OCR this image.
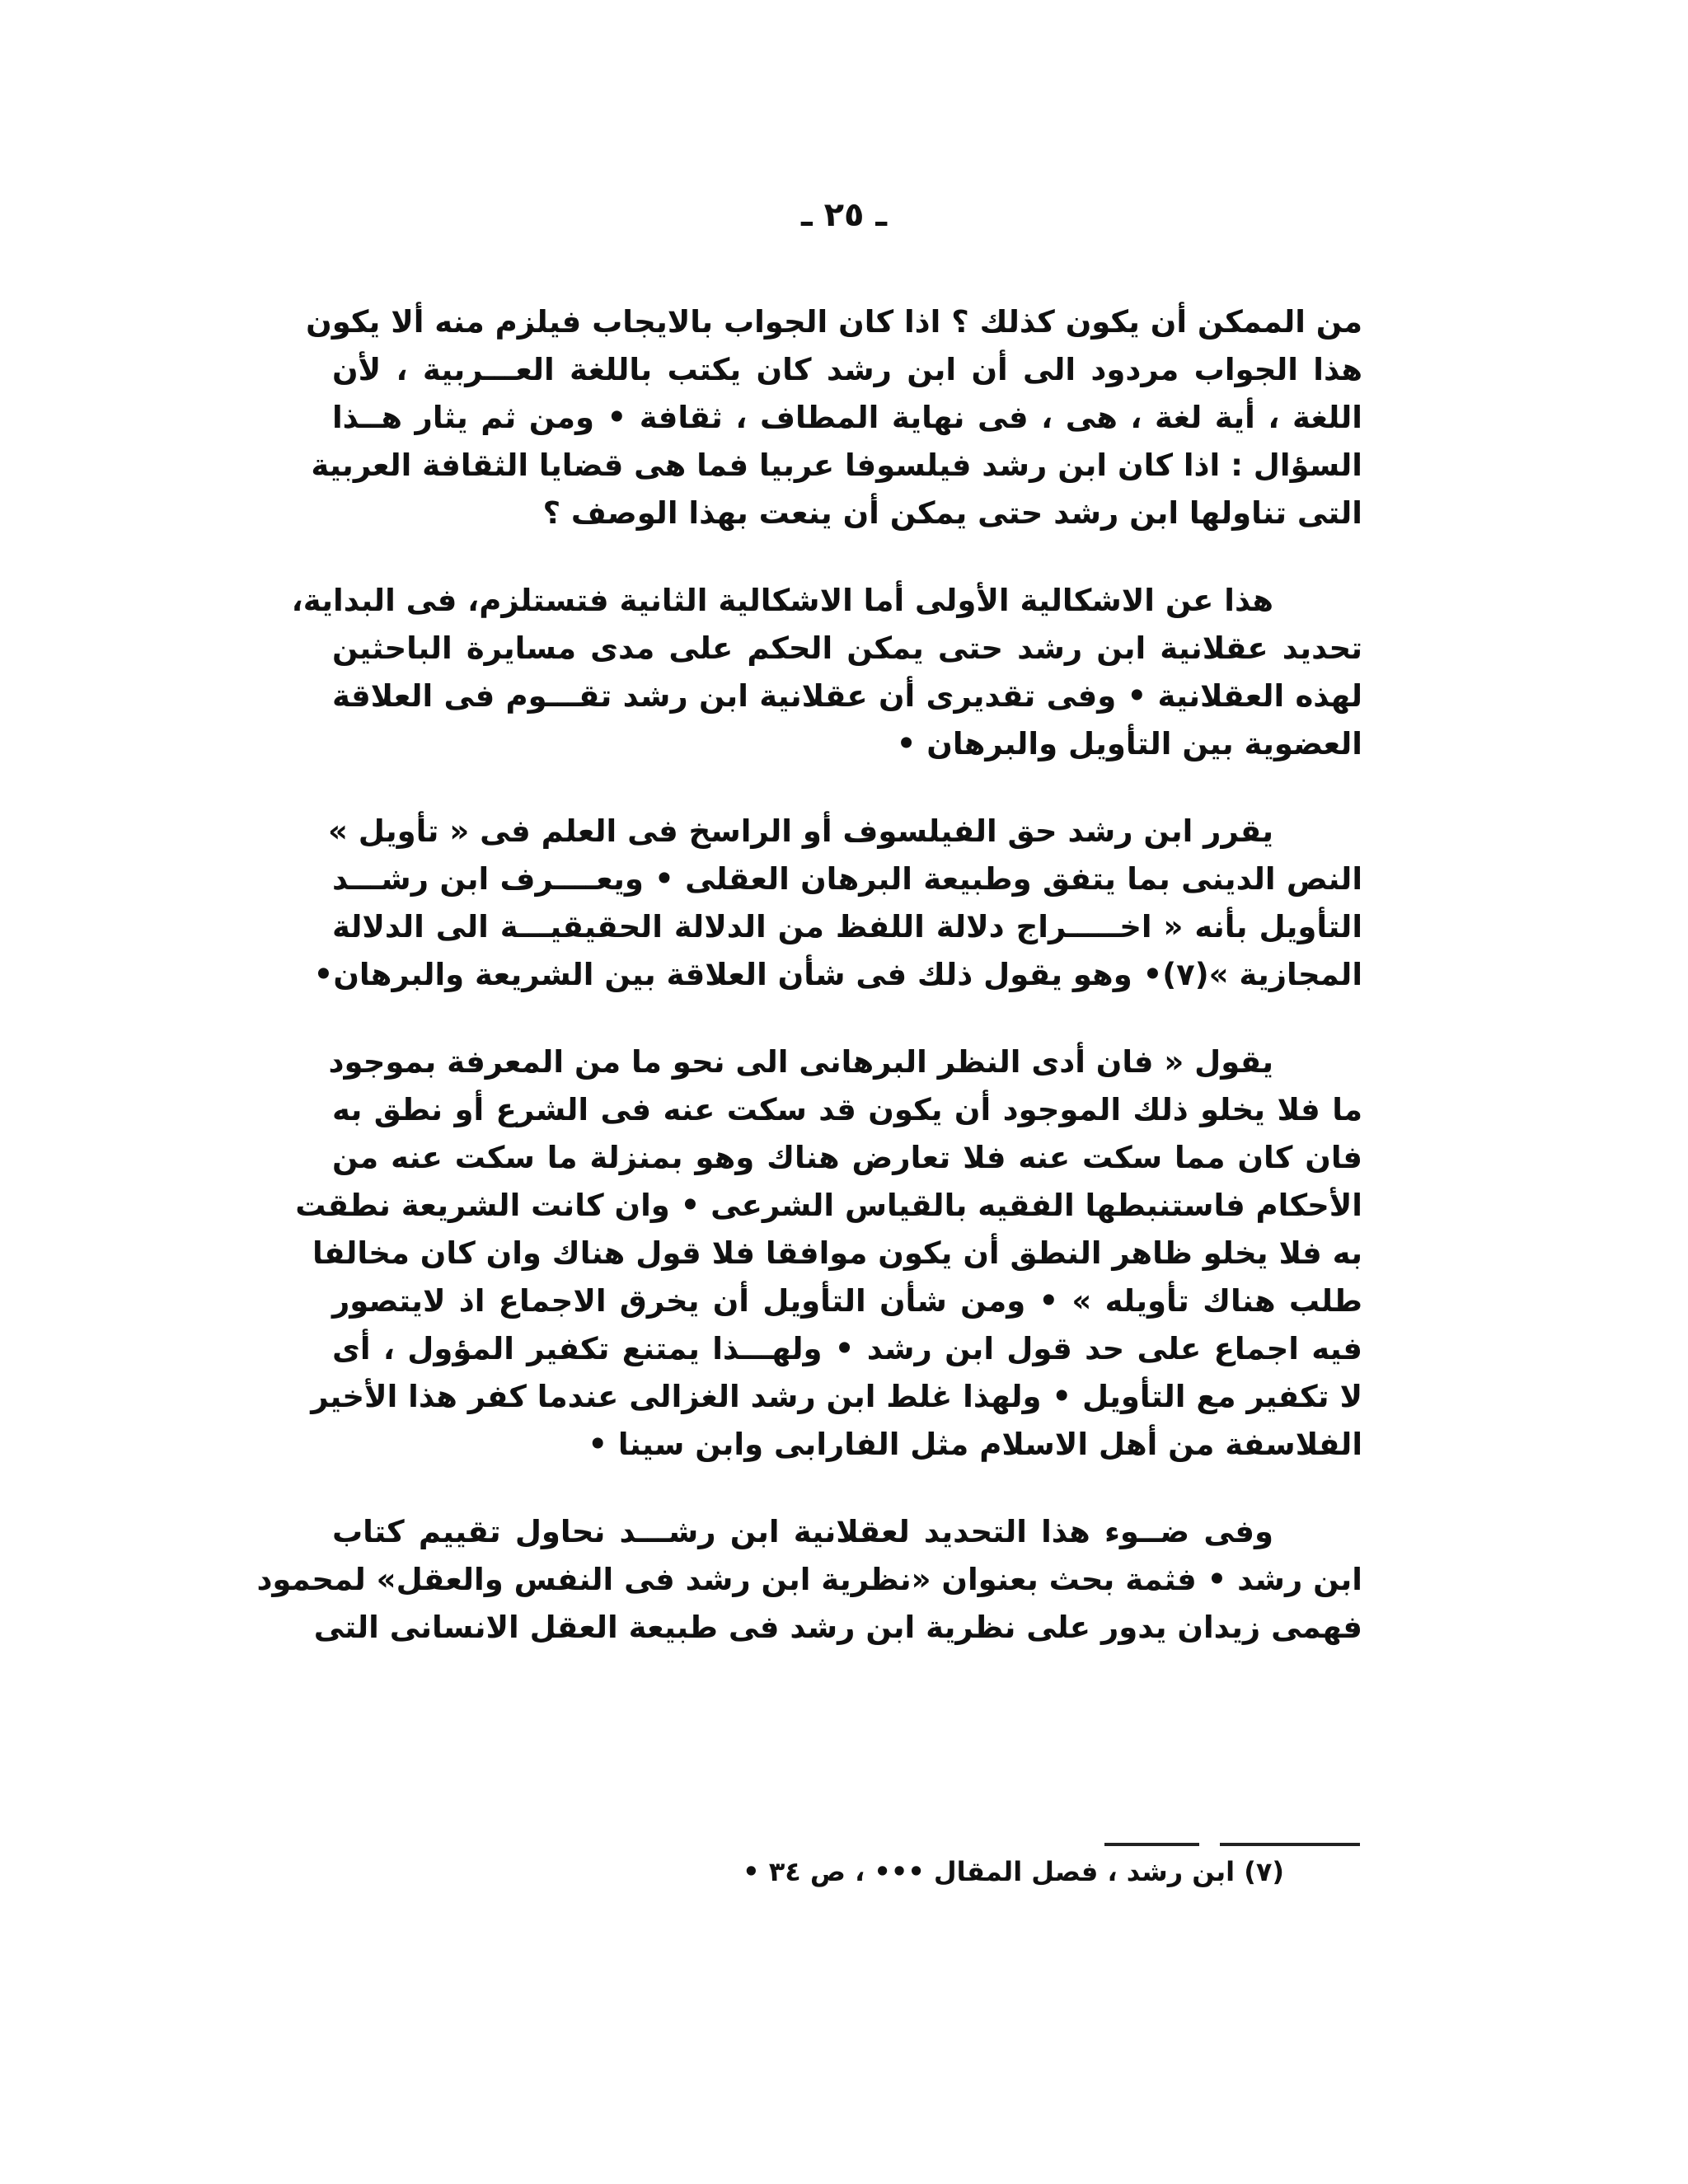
ـ ٢٥ ـ

من الممكن أن يكون كذلك ؟ اذا كان الجواب بالايجاب فيلزم منه ألا يكون
هذا الجواب مردود الى أن ابن رشد كان يكتب باللغة العـــربية ، لأن
اللغة ، أية لغة ، هى ، فى نهاية المطاف ، ثقافة • ومن ثم يثار هــذا
السؤال : اذا كان ابن رشد فيلسوفا عربيا فما هى قضايا الثقافة العربية
التى تناولها ابن رشد حتى يمكن أن ينعت بهذا الوصف ؟

هذا عن الاشكالية الأولى أما الاشكالية الثانية فتستلزم، فى البداية،
تحديد عقلانية ابن رشد حتى يمكن الحكم على مدى مسايرة الباحثين
لهذه العقلانية • وفى تقديرى أن عقلانية ابن رشد تقـــوم فى العلاقة
العضوية بين التأويل والبرهان •

يقرر ابن رشد حق الفيلسوف أو الراسخ فى العلم فى « تأويل »
النص الدينى بما يتفق وطبيعة البرهان العقلى • ويعــــرف ابن رشـــد
التأويل بأنه « اخـــــراج دلالة اللفظ من الدلالة الحقيقيـــة الى الدلالة
المجازية »(٧)• وهو يقول ذلك فى شأن العلاقة بين الشريعة والبرهان•

يقول « فان أدى النظر البرهانى الى نحو ما من المعرفة بموجود
ما فلا يخلو ذلك الموجود أن يكون قد سكت عنه فى الشرع أو نطق به
فان كان مما سكت عنه فلا تعارض هناك وهو بمنزلة ما سكت عنه من
الأحكام فاستنبطها الفقيه بالقياس الشرعى • وان كانت الشريعة نطقت
به فلا يخلو ظاهر النطق أن يكون موافقا فلا قول هناك وان كان مخالفا
طلب هناك تأويله » • ومن شأن التأويل أن يخرق الاجماع اذ لايتصور
فيه اجماع على حد قول ابن رشد • ولهـــذا يمتنع تكفير المؤول ، أى
لا تكفير مع التأويل • ولهذا غلط ابن رشد الغزالى عندما كفر هذا الأخير
الفلاسفة من أهل الاسلام مثل الفارابى وابن سينا •

وفى ضــوء هذا التحديد لعقلانية ابن رشـــد نحاول تقييم كتاب
ابن رشد • فثمة بحث بعنوان «نظرية ابن رشد فى النفس والعقل» لمحمود
فهمى زيدان يدور على نظرية ابن رشد فى طبيعة العقل الانسانى التى

(٧) ابن رشد ، فصل المقال ••• ، ص ٣٤ •
